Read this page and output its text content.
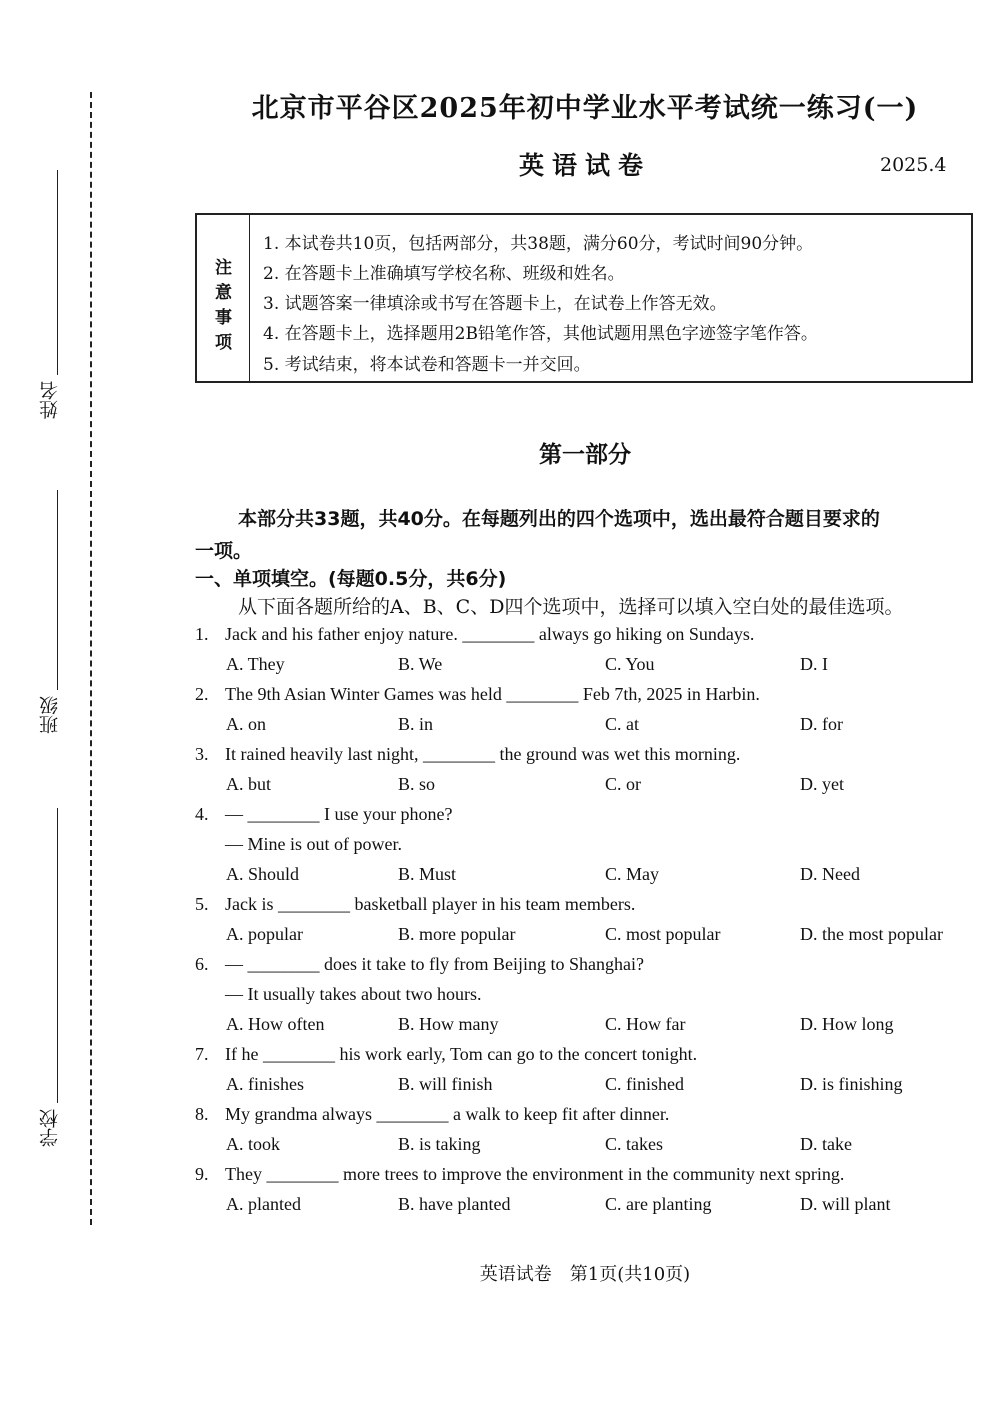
姓名
班级
学校
北京市平谷区2025年初中学业水平考试统一练习(一)
英语试卷	2025.4
注
意
事
项
1. 本试卷共10页，包括两部分，共38题，满分60分，考试时间90分钟。
2. 在答题卡上准确填写学校名称、班级和姓名。
3. 试题答案一律填涂或书写在答题卡上，在试卷上作答无效。
4. 在答题卡上，选择题用2B铅笔作答，其他试题用黑色字迹签字笔作答。
5. 考试结束，将本试卷和答题卡一并交回。
第一部分
本部分共33题，共40分。在每题列出的四个选项中，选出最符合题目要求的
一项。
一、单项填空。(每题0.5分，共6分)
从下面各题所给的A、B、C、D四个选项中，选择可以填入空白处的最佳选项。
1. Jack and his father enjoy nature. ________ always go hiking on Sundays.
A. They	B. We	C. You	D. I
2. The 9th Asian Winter Games was held ________ Feb 7th, 2025 in Harbin.
A. on	B. in	C. at	D. for
3. It rained heavily last night, ________ the ground was wet this morning.
A. but	B. so	C. or	D. yet
4. — ________ I use your phone?
— Mine is out of power.
A. Should	B. Must	C. May	D. Need
5. Jack is ________ basketball player in his team members.
A. popular	B. more popular	C. most popular	D. the most popular
6. — ________ does it take to fly from Beijing to Shanghai?
— It usually takes about two hours.
A. How often	B. How many	C. How far	D. How long
7. If he ________ his work early, Tom can go to the concert tonight.
A. finishes	B. will finish	C. finished	D. is finishing
8. My grandma always ________ a walk to keep fit after dinner.
A. took	B. is taking	C. takes	D. take
9. They ________ more trees to improve the environment in the community next spring.
A. planted	B. have planted	C. are planting	D. will plant
英语试卷　第1页(共10页)
